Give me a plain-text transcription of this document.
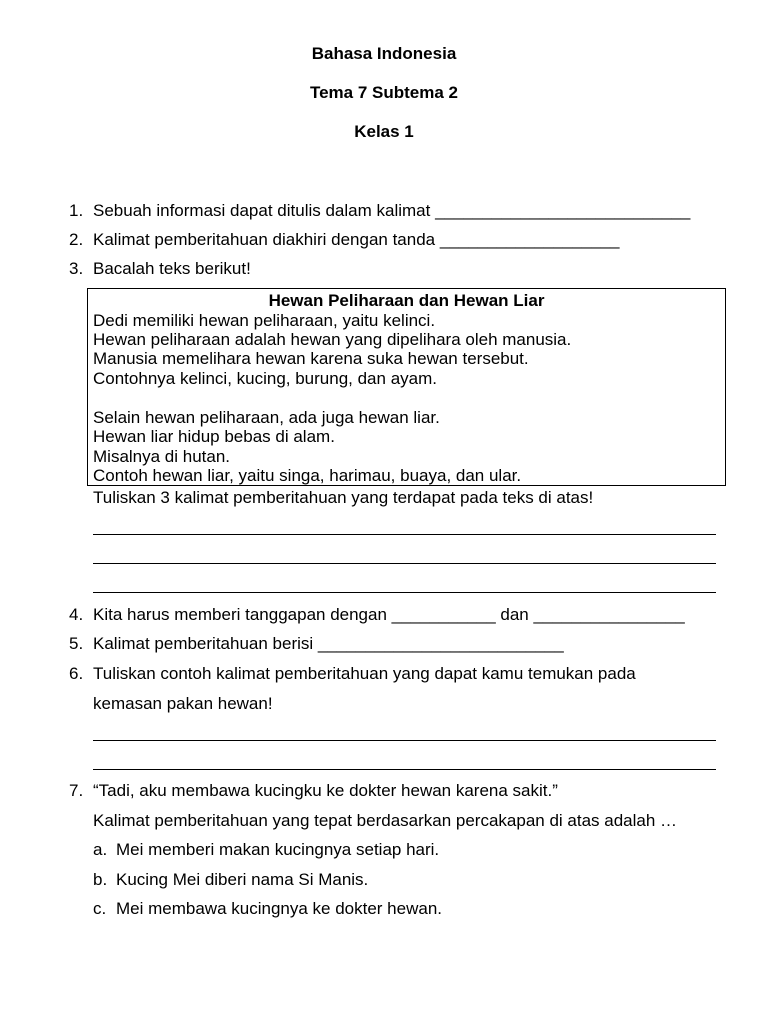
Bahasa Indonesia
Tema 7 Subtema 2
Kelas 1
1. Sebuah informasi dapat ditulis dalam kalimat ___________________________
2. Kalimat pemberitahuan diakhiri dengan tanda ___________________
3. Bacalah teks berikut!
Hewan Peliharaan dan Hewan Liar
Dedi memiliki hewan peliharaan, yaitu kelinci.
Hewan peliharaan adalah hewan yang dipelihara oleh manusia.
Manusia memelihara hewan karena suka hewan tersebut.
Contohnya kelinci, kucing, burung, dan ayam.
Selain hewan peliharaan, ada juga hewan liar.
Hewan liar hidup bebas di alam.
Misalnya di hutan.
Contoh hewan liar, yaitu singa, harimau, buaya, dan ular.
Tuliskan 3 kalimat pemberitahuan yang terdapat pada teks di atas!
4. Kita harus memberi tanggapan dengan ___________ dan ________________
5. Kalimat pemberitahuan berisi __________________________
6. Tuliskan contoh kalimat pemberitahuan yang dapat kamu temukan pada
kemasan pakan hewan!
7. “Tadi, aku membawa kucingku ke dokter hewan karena sakit.”
Kalimat pemberitahuan yang tepat berdasarkan percakapan di atas adalah …
a. Mei memberi makan kucingnya setiap hari.
b. Kucing Mei diberi nama Si Manis.
c. Mei membawa kucingnya ke dokter hewan.
